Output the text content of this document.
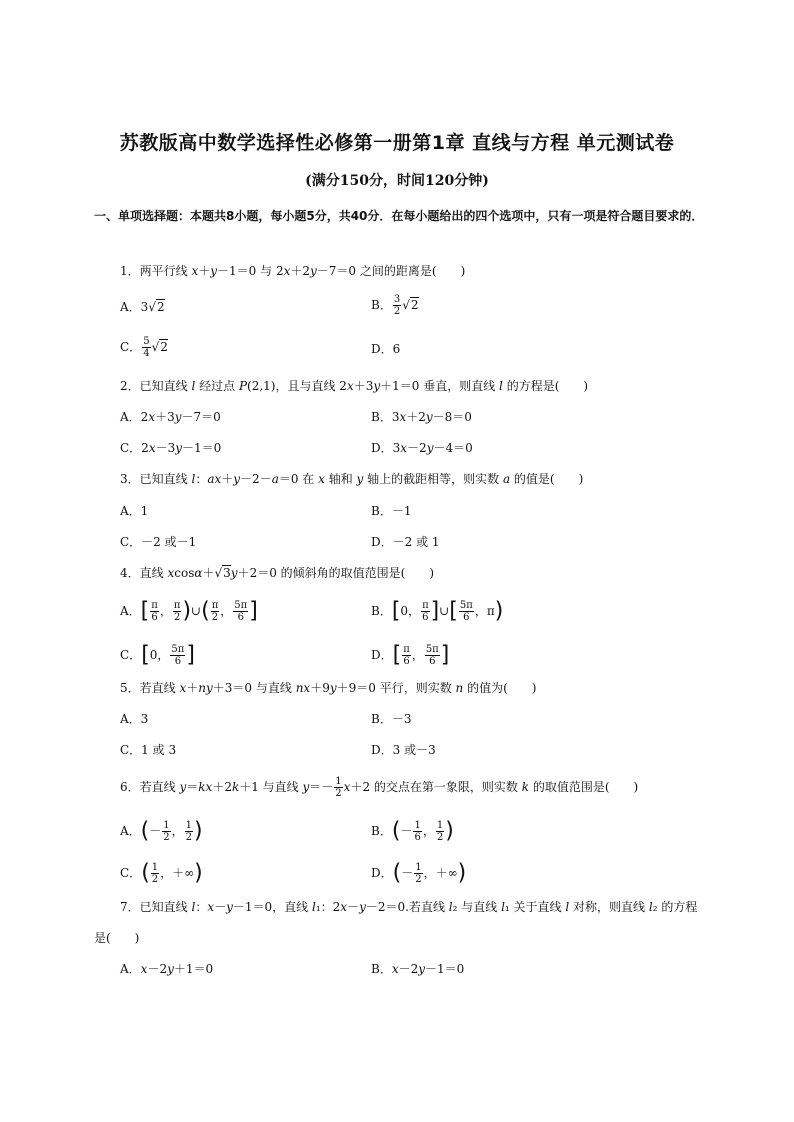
苏教版高中数学选择性必修第一册第1章 直线与方程 单元测试卷
(满分150分，时间120分钟)
一、单项选择题：本题共8小题，每小题5分，共40分．在每小题给出的四个选项中，只有一项是符合题目要求的．
1．两平行线 x＋y－1＝0 与 2x＋2y－7＝0 之间的距离是(　　)
A．3√2	B． $\frac{3}{2} √2$
C． $\frac{5}{4} √2$	D．6
2．已知直线 l 经过点 P(2,1)，且与直线 2x＋3y＋1＝0 垂直，则直线 l 的方程是(　　)
A．2x＋3y－7＝0	B．3x＋2y－8＝0
C．2x－3y－1＝0	D．3x－2y－4＝0
3．已知直线 l：ax＋y－2－a＝0 在 x 轴和 y 轴上的截距相等，则实数 a 的值是(　　)
A．1	B．－1
C．－2 或－1	D．－2 或 1
4．直线 xcosα＋√3y＋2＝0 的倾斜角的取值范围是(　　)
A．[ $\frac{\pi}{6}$ ， $\frac{\pi}{2}$ )∪( $\frac{\pi}{2}$ ， $\frac{5\pi}{6}$ ]	B．[0， $\frac{\pi}{6}$ ]∪[ $\frac{5\pi}{6}$ ，π)
C．[0， $\frac{5\pi}{6}$ ]	D．[ $\frac{\pi}{6}$ ， $\frac{5\pi}{6}$ ]
5．若直线 x＋ny＋3＝0 与直线 nx＋9y＋9＝0 平行，则实数 n 的值为(　　)
A．3	B．－3
C．1 或 3	D．3 或－3
6．若直线 y＝kx＋2k＋1 与直线 $y=- \frac{1}{2} x+2$ 的交点在第一象限，则实数 k 的取值范围是(　　)
A．(－ $\frac{1}{2}$ ， $\frac{1}{2}$ )	B．(－ $\frac{1}{6}$ ， $\frac{1}{2}$ )
C．( $\frac{1}{2}$ ，＋∞)	D．(－ $\frac{1}{2}$ ，＋∞)
7．已知直线 l：x－y－1＝0，直线 l₁：2x－y－2＝0.若直线 l₂ 与直线 l₁ 关于直线 l 对称，则直线 l₂ 的方程
是(　　)
A．x－2y＋1＝0	B．x－2y－1＝0
